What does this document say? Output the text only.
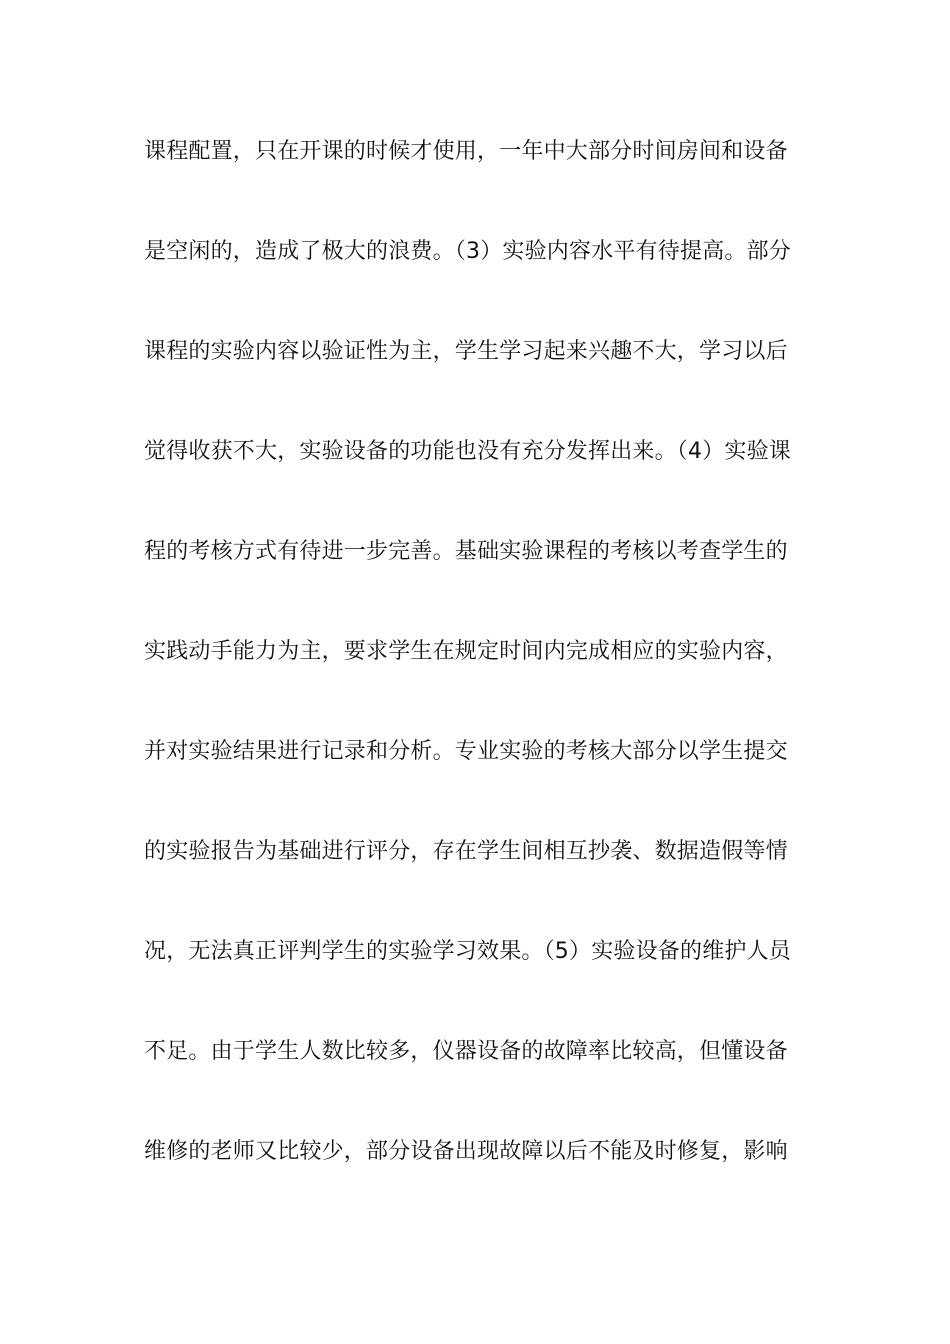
课程配置，只在开课的时候才使用，一年中大部分时间房间和设备
是空闲的，造成了极大的浪费。（3）实验内容水平有待提高。部分
课程的实验内容以验证性为主，学生学习起来兴趣不大，学习以后
觉得收获不大，实验设备的功能也没有充分发挥出来。（4）实验课
程的考核方式有待进一步完善。基础实验课程的考核以考查学生的
实践动手能力为主，要求学生在规定时间内完成相应的实验内容，
并对实验结果进行记录和分析。专业实验的考核大部分以学生提交
的实验报告为基础进行评分，存在学生间相互抄袭、数据造假等情
况，无法真正评判学生的实验学习效果。（5）实验设备的维护人员
不足。由于学生人数比较多，仪器设备的故障率比较高，但懂设备
维修的老师又比较少，部分设备出现故障以后不能及时修复，影响
